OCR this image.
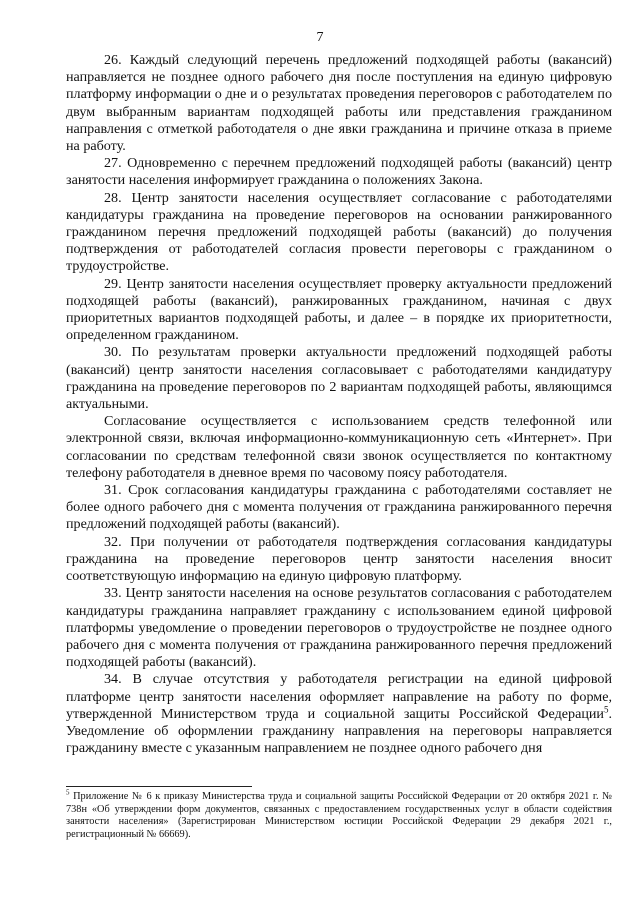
7

26. Каждый следующий перечень предложений подходящей работы (вакансий) направляется не позднее одного рабочего дня после поступления на единую цифровую платформу информации о дне и о результатах проведения переговоров с работодателем по двум выбранным вариантам подходящей работы или представления гражданином направления с отметкой работодателя о дне явки гражданина и причине отказа в приеме на работу.

27. Одновременно с перечнем предложений подходящей работы (вакансий) центр занятости населения информирует гражданина о положениях Закона.

28. Центр занятости населения осуществляет согласование с работодателями кандидатуры гражданина на проведение переговоров на основании ранжированного гражданином перечня предложений подходящей работы (вакансий) до получения подтверждения от работодателей согласия провести переговоры с гражданином о трудоустройстве.

29. Центр занятости населения осуществляет проверку актуальности предложений подходящей работы (вакансий), ранжированных гражданином, начиная с двух приоритетных вариантов подходящей работы, и далее – в порядке их приоритетности, определенном гражданином.

30. По результатам проверки актуальности предложений подходящей работы (вакансий) центр занятости населения согласовывает с работодателями кандидатуру гражданина на проведение переговоров по 2 вариантам подходящей работы, являющимся актуальными.

Согласование осуществляется с использованием средств телефонной или электронной связи, включая информационно-коммуникационную сеть «Интернет». При согласовании по средствам телефонной связи звонок осуществляется по контактному телефону работодателя в дневное время по часовому поясу работодателя.

31. Срок согласования кандидатуры гражданина с работодателями составляет не более одного рабочего дня с момента получения от гражданина ранжированного перечня предложений подходящей работы (вакансий).

32. При получении от работодателя подтверждения согласования кандидатуры гражданина на проведение переговоров центр занятости населения вносит соответствующую информацию на единую цифровую платформу.

33. Центр занятости населения на основе результатов согласования с работодателем кандидатуры гражданина направляет гражданину с использованием единой цифровой платформы уведомление о проведении переговоров о трудоустройстве не позднее одного рабочего дня с момента получения от гражданина ранжированного перечня предложений подходящей работы (вакансий).

34. В случае отсутствия у работодателя регистрации на единой цифровой платформе центр занятости населения оформляет направление на работу по форме, утвержденной Министерством труда и социальной защиты Российской Федерации$^5$. Уведомление об оформлении гражданину направления на переговоры направляется гражданину вместе с указанным направлением не позднее одного рабочего дня

$^5$ Приложение № 6 к приказу Министерства труда и социальной защиты Российской Федерации от 20 октября 2021 г. № 738н «Об утверждении форм документов, связанных с предоставлением государственных услуг в области содействия занятости населения» (Зарегистрирован Министерством юстиции Российской Федерации 29 декабря 2021 г., регистрационный № 66669).
